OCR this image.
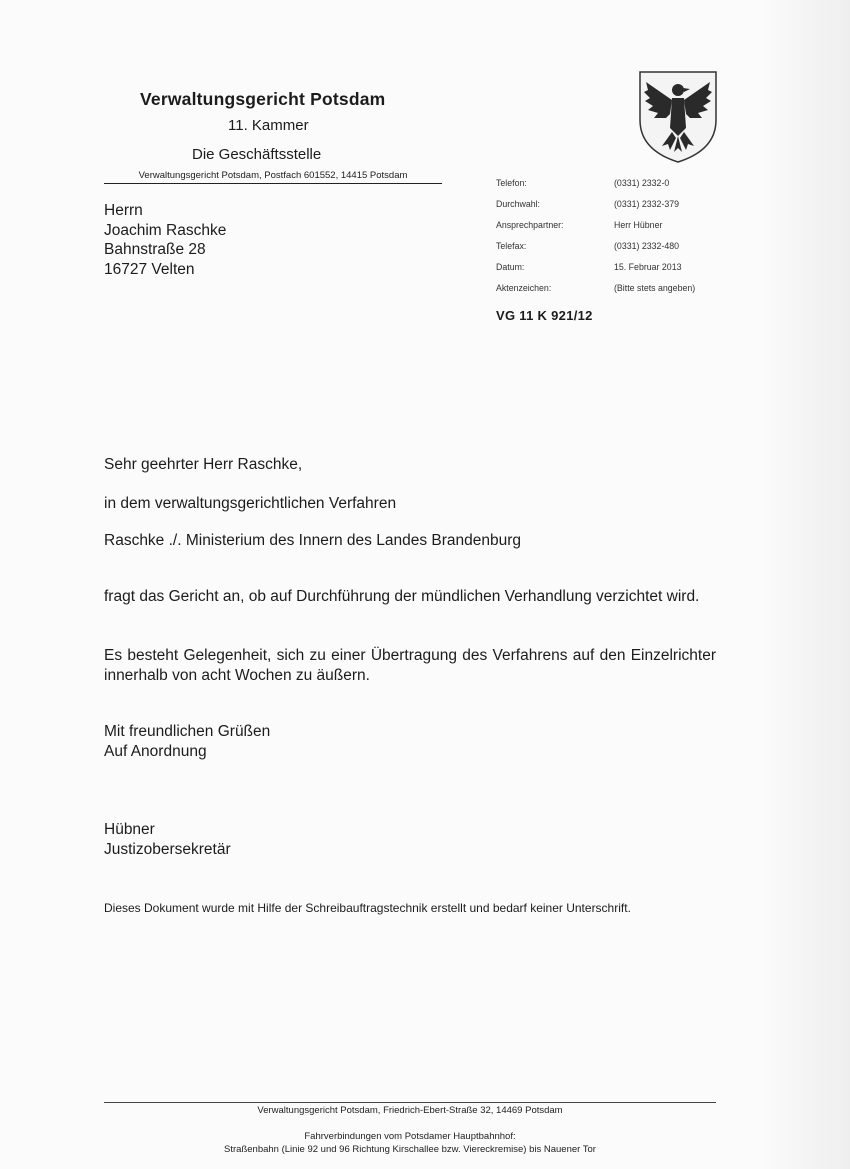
Verwaltungsgericht Potsdam
11. Kammer
Die Geschäftsstelle
Verwaltungsgericht Potsdam, Postfach 601552, 14415 Potsdam
Herrn
Joachim Raschke
Bahnstraße 28
16727 Velten
Telefon:	(0331) 2332-0
Durchwahl:	(0331) 2332-379
Ansprechpartner:	Herr Hübner
Telefax:	(0331) 2332-480
Datum:	15. Februar 2013
Aktenzeichen:	(Bitte stets angeben)
VG 11 K 921/12
Sehr geehrter Herr Raschke,
in dem verwaltungsgerichtlichen Verfahren
Raschke ./. Ministerium des Innern des Landes Brandenburg
fragt das Gericht an, ob auf Durchführung der mündlichen Verhandlung verzichtet wird.
Es besteht Gelegenheit, sich zu einer Übertragung des Verfahrens auf den Einzelrichter innerhalb von acht Wochen zu äußern.
Mit freundlichen Grüßen
Auf Anordnung
Hübner
Justizobersekretär
Dieses Dokument wurde mit Hilfe der Schreibauftragstechnik erstellt und bedarf keiner Unterschrift.
Verwaltungsgericht Potsdam, Friedrich-Ebert-Straße 32, 14469 Potsdam
Fahrverbindungen vom Potsdamer Hauptbahnhof:
Straßenbahn (Linie 92 und 96 Richtung Kirschallee bzw. Viereckremise) bis Nauener Tor
